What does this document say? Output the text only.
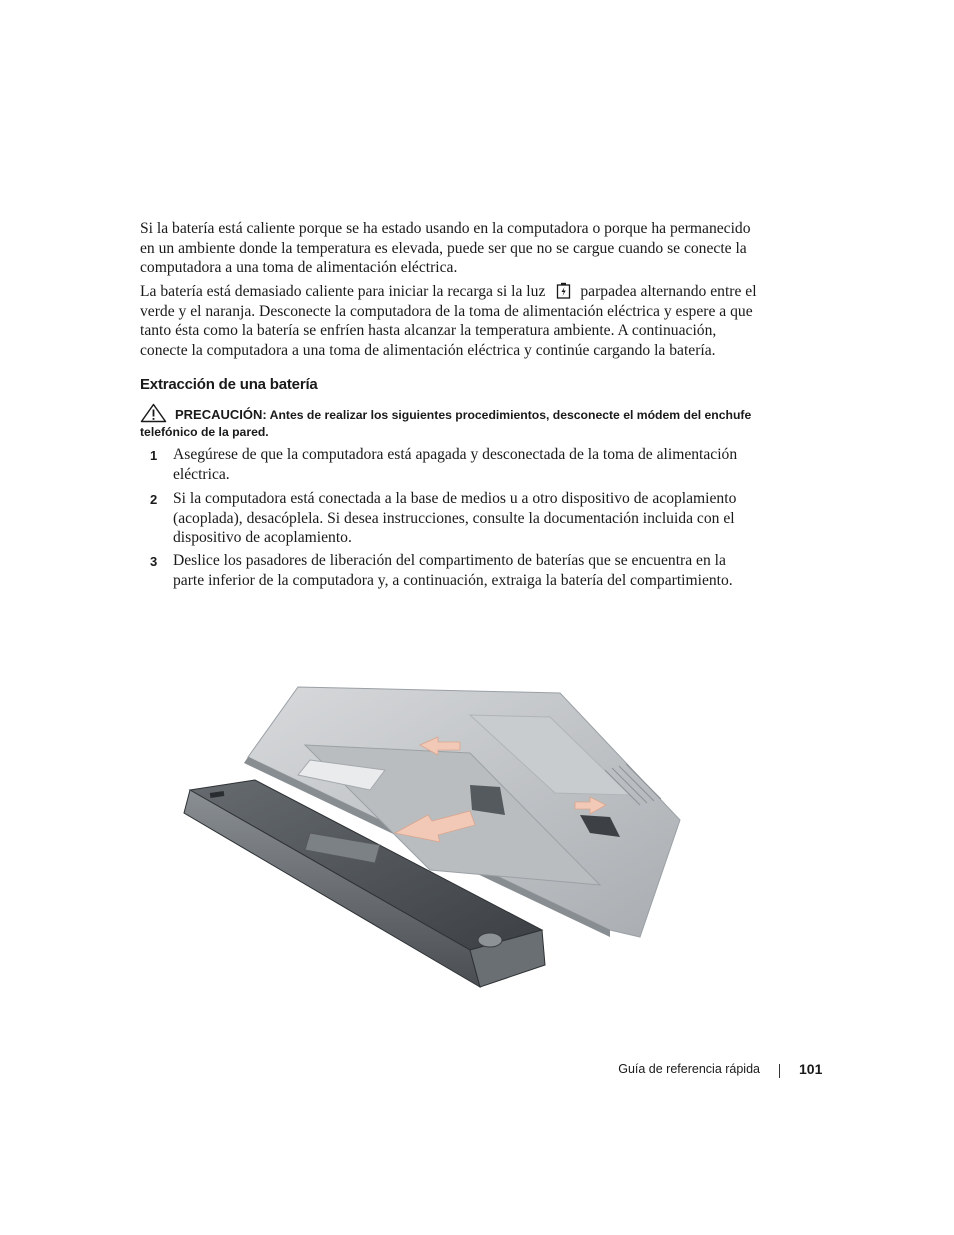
Si la batería está caliente porque se ha estado usando en la computadora o porque ha permanecido en un ambiente donde la temperatura es elevada, puede ser que no se cargue cuando se conecte la computadora a una toma de alimentación eléctrica.

La batería está demasiado caliente para iniciar la recarga si la luz parpadea alternando entre el verde y el naranja. Desconecte la computadora de la toma de alimentación eléctrica y espere a que tanto ésta como la batería se enfríen hasta alcanzar la temperatura ambiente. A continuación, conecte la computadora a una toma de alimentación eléctrica y continúe cargando la batería.

Extracción de una batería

PRECAUCIÓN: Antes de realizar los siguientes procedimientos, desconecte el módem del enchufe
telefónico de la pared.

1 Asegúrese de que la computadora está apagada y desconectada de la toma de alimentación eléctrica.
2 Si la computadora está conectada a la base de medios u a otro dispositivo de acoplamiento (acoplada), desacóplela. Si desea instrucciones, consulte la documentación incluida con el dispositivo de acoplamiento.
3 Deslice los pasadores de liberación del compartimento de baterías que se encuentra en la parte inferior de la computadora y, a continuación, extraiga la batería del compartimiento.
Guía de referencia rápida	101
